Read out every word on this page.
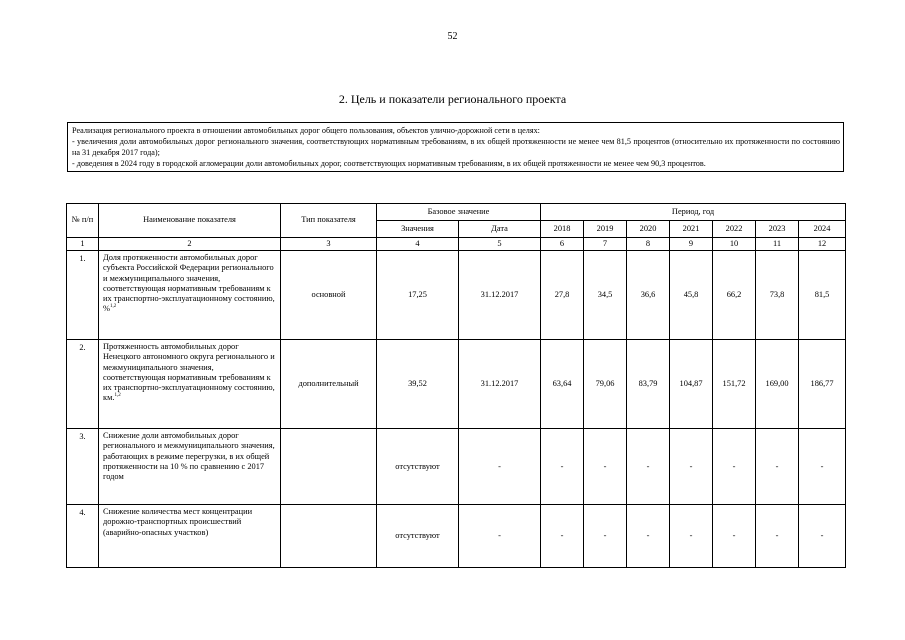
52
2. Цель и показатели регионального проекта

Реализация регионального проекта в отношении автомобильных дорог общего пользования, объектов улично-дорожной сети в целях:

- увеличения доли автомобильных дорог регионального значения, соответствующих нормативным требованиям, в их общей протяженности не менее чем 81,5 процентов (относительно их протяженности по состоянию на 31 декабря 2017 года);

- доведения в 2024 году в городской агломерации доли автомобильных дорог, соответствующих нормативным требованиям, в их общей протяженности не менее чем 90,3 процентов.

№ п/п	Наименование показателя	Тип показателя	Базовое значение		Период, год						
			Значения	Дата	2018	2019	2020	2021	2022	2023	2024
1	2	3	4	5	6	7	8	9	10	11	12
1.	Доля протяженности автомобильных дорог субъекта Российской Федерации регионального и межмуниципального значения, соответствующая нормативным требованиям к их транспортно-эксплуатационному состоянию, %$^{1,2}$	основной	17,25	31.12.2017	27,8	34,5	36,6	45,8	66,2	73,8	81,5
2.	Протяженность автомобильных дорог Ненецкого автономного округа регионального и межмуниципального значения, соответствующая нормативным требованиям к их транспортно-эксплуатационному состоянию, км.$^{1,2}$	дополнительный	39,52	31.12.2017	63,64	79,06	83,79	104,87	151,72	169,00	186,77
3.	Снижение доли автомобильных дорог регионального и межмуниципального значения, работающих в режиме перегрузки, в их общей протяженности на 10 % по сравнению с 2017 годом		отсутствуют	-	-	-	-	-	-	-	-
4.	Снижение количества мест концентрации дорожно-транспортных происшествий (аварийно-опасных участков)		отсутствуют	-	-	-	-	-	-	-	-
